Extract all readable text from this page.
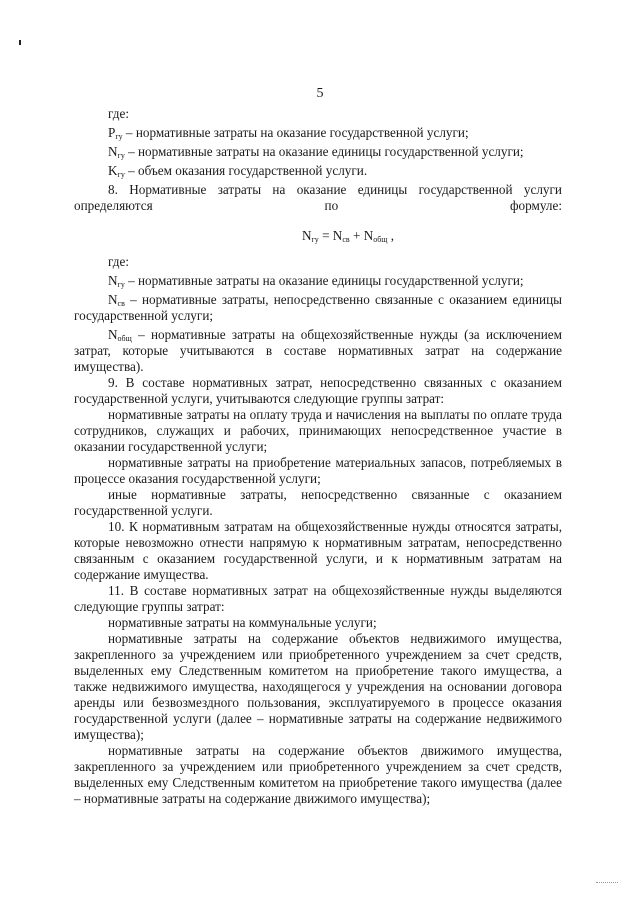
5

где:

$P_{гу}$ – нормативные затраты на оказание государственной услуги;

$N_{гу}$ – нормативные затраты на оказание единицы государственной услуги;

$K_{гу}$ – объем оказания государственной услуги.

8. Нормативные затраты на оказание единицы государственной услуги определяются по формуле:

$N_{гу} = N_{св} + N_{общ}$ ,

где:

$N_{гу}$ – нормативные затраты на оказание единицы государственной услуги;

$N_{св}$ – нормативные затраты, непосредственно связанные с оказанием единицы государственной услуги;

$N_{общ}$ – нормативные затраты на общехозяйственные нужды (за исключением затрат, которые учитываются в составе нормативных затрат на содержание имущества).

9. В составе нормативных затрат, непосредственно связанных с оказанием государственной услуги, учитываются следующие группы затрат:

нормативные затраты на оплату труда и начисления на выплаты по оплате труда сотрудников, служащих и рабочих, принимающих непосредственное участие в оказании государственной услуги;

нормативные затраты на приобретение материальных запасов, потребляемых в процессе оказания государственной услуги;

иные нормативные затраты, непосредственно связанные с оказанием государственной услуги.

10. К нормативным затратам на общехозяйственные нужды относятся затраты, которые невозможно отнести напрямую к нормативным затратам, непосредственно связанным с оказанием государственной услуги, и к нормативным затратам на содержание имущества.

11. В составе нормативных затрат на общехозяйственные нужды выделяются следующие группы затрат:

нормативные затраты на коммунальные услуги;

нормативные затраты на содержание объектов недвижимого имущества, закрепленного за учреждением или приобретенного учреждением за счет средств, выделенных ему Следственным комитетом на приобретение такого имущества, а также недвижимого имущества, находящегося у учреждения на основании договора аренды или безвозмездного пользования, эксплуатируемого в процессе оказания государственной услуги (далее – нормативные затраты на содержание недвижимого имущества);

нормативные затраты на содержание объектов движимого имущества, закрепленного за учреждением или приобретенного учреждением за счет средств, выделенных ему Следственным комитетом на приобретение такого имущества (далее – нормативные затраты на содержание движимого имущества);
